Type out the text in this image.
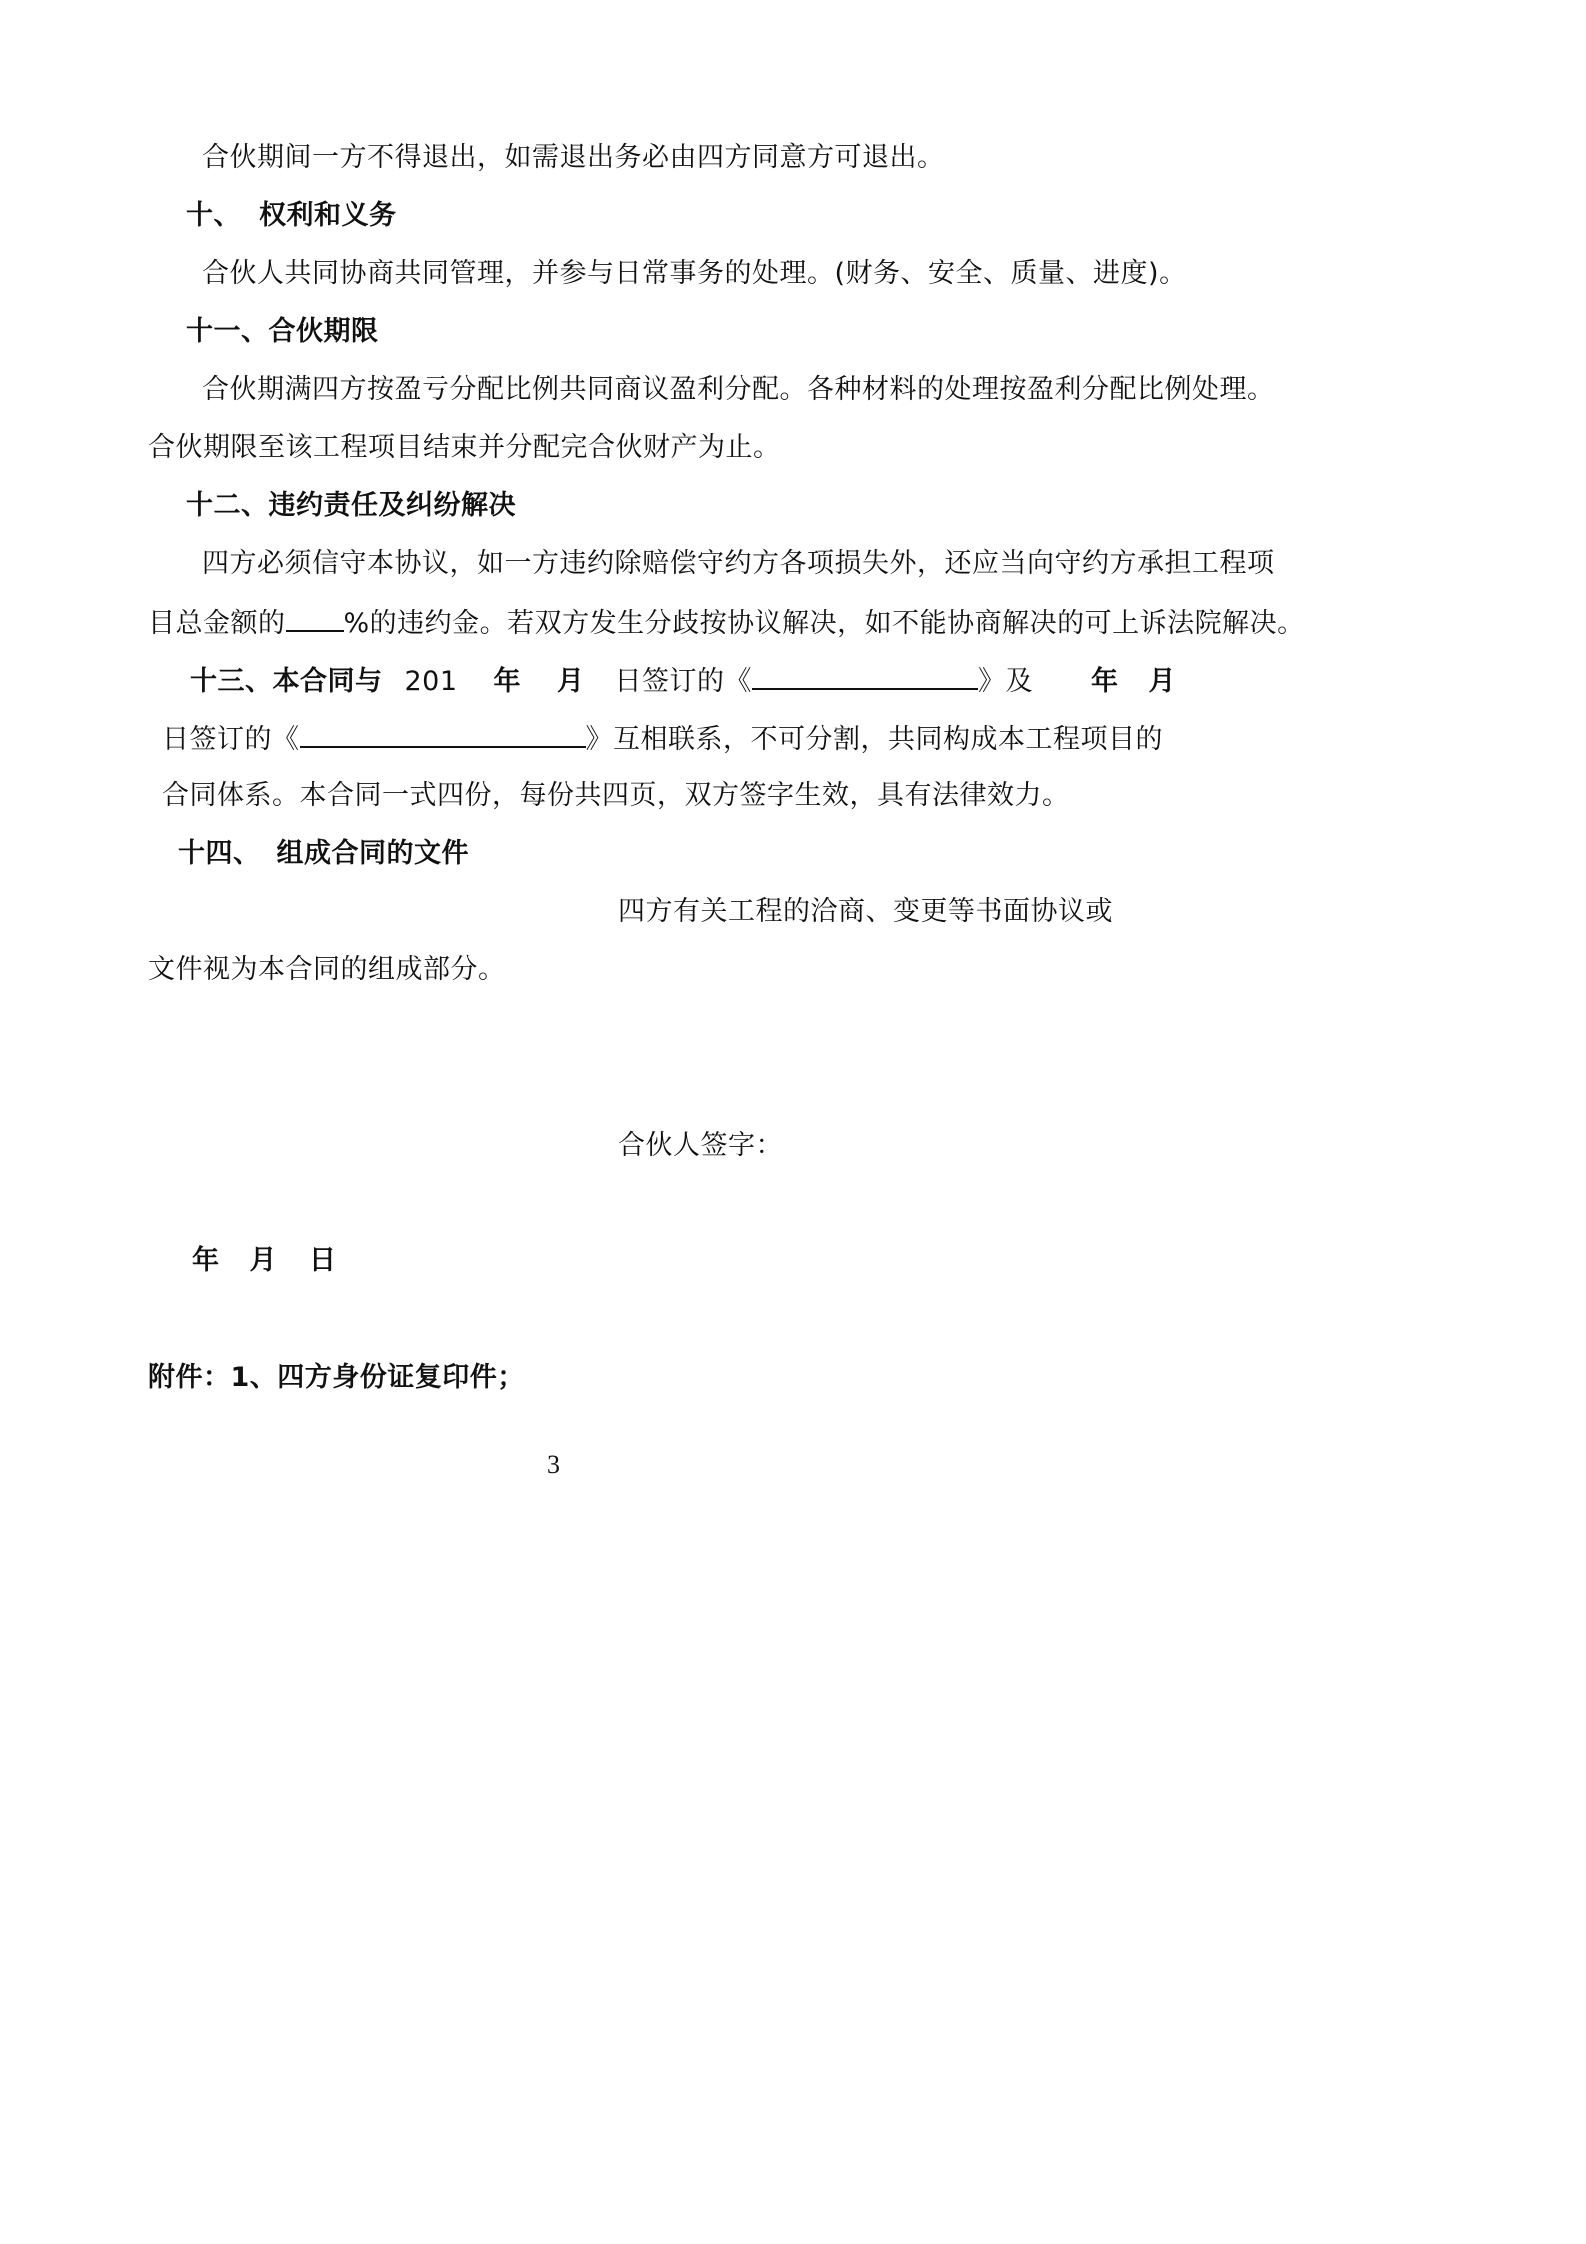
合伙期间一方不得退出，如需退出务必由四方同意方可退出。
十、 权利和义务
合伙人共同协商共同管理，并参与日常事务的处理。(财务、安全、质量、进度)。
十一、合伙期限
合伙期满四方按盈亏分配比例共同商议盈利分配。各种材料的处理按盈利分配比例处理。
合伙期限至该工程项目结束并分配完合伙财产为止。
十二、违约责任及纠纷解决
四方必须信守本协议，如一方违约除赔偿守约方各项损失外，还应当向守约方承担工程项
目总金额的 %的违约金。若双方发生分歧按协议解决，如不能协商解决的可上诉法院解决。
十三、本合同与 201 年 月 日签订的《	》及 年 月
日签订的《	》互相联系，不可分割，共同构成本工程项目的
合同体系。本合同一式四份，每份共四页，双方签字生效，具有法律效力。
十四、 组成合同的文件
四方有关工程的洽商、变更等书面协议或
文件视为本合同的组成部分。
合伙人签字：
年 月 日
附件：1、四方身份证复印件；
3
